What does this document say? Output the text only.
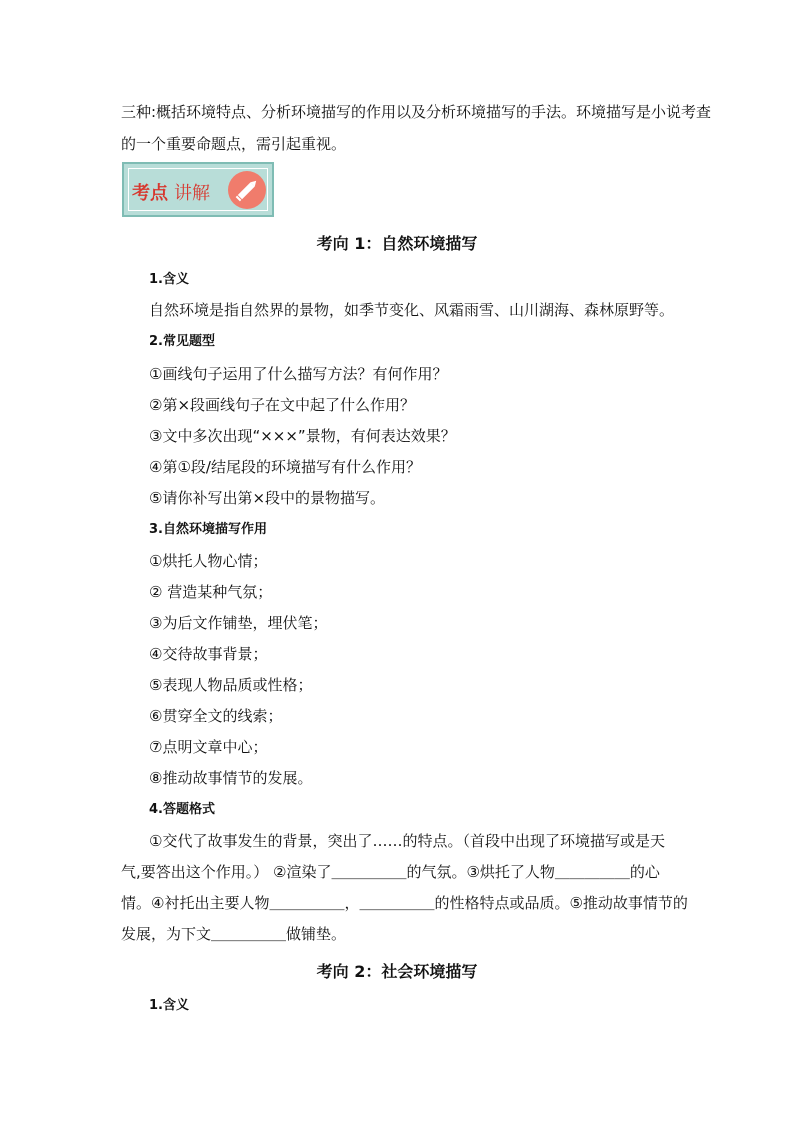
三种:概括环境特点、分析环境描写的作用以及分析环境描写的手法。环境描写是小说考查
的一个重要命题点，需引起重视。
考点 讲解
考向 1：自然环境描写
1.含义
自然环境是指自然界的景物，如季节变化、风霜雨雪、山川湖海、森林原野等。
2.常见题型
①画线句子运用了什么描写方法？有何作用？
②第×段画线句子在文中起了什么作用？
③文中多次出现“×××”景物，有何表达效果？
④第①段/结尾段的环境描写有什么作用？
⑤请你补写出第×段中的景物描写。
3.自然环境描写作用
①烘托人物心情；
② 营造某种气氛；
③为后文作铺垫，埋伏笔；
④交待故事背景；
⑤表现人物品质或性格；
⑥贯穿全文的线索；
⑦点明文章中心；
⑧推动故事情节的发展。
4.答题格式
①交代了故事发生的背景，突出了……的特点。（首段中出现了环境描写或是天
气,要答出这个作用。） ②渲染了＿＿＿＿＿的气氛。③烘托了人物＿＿＿＿＿的心
情。④衬托出主要人物＿＿＿＿＿，＿＿＿＿＿的性格特点或品质。⑤推动故事情节的
发展，为下文＿＿＿＿＿做铺垫。
考向 2：社会环境描写
1.含义
